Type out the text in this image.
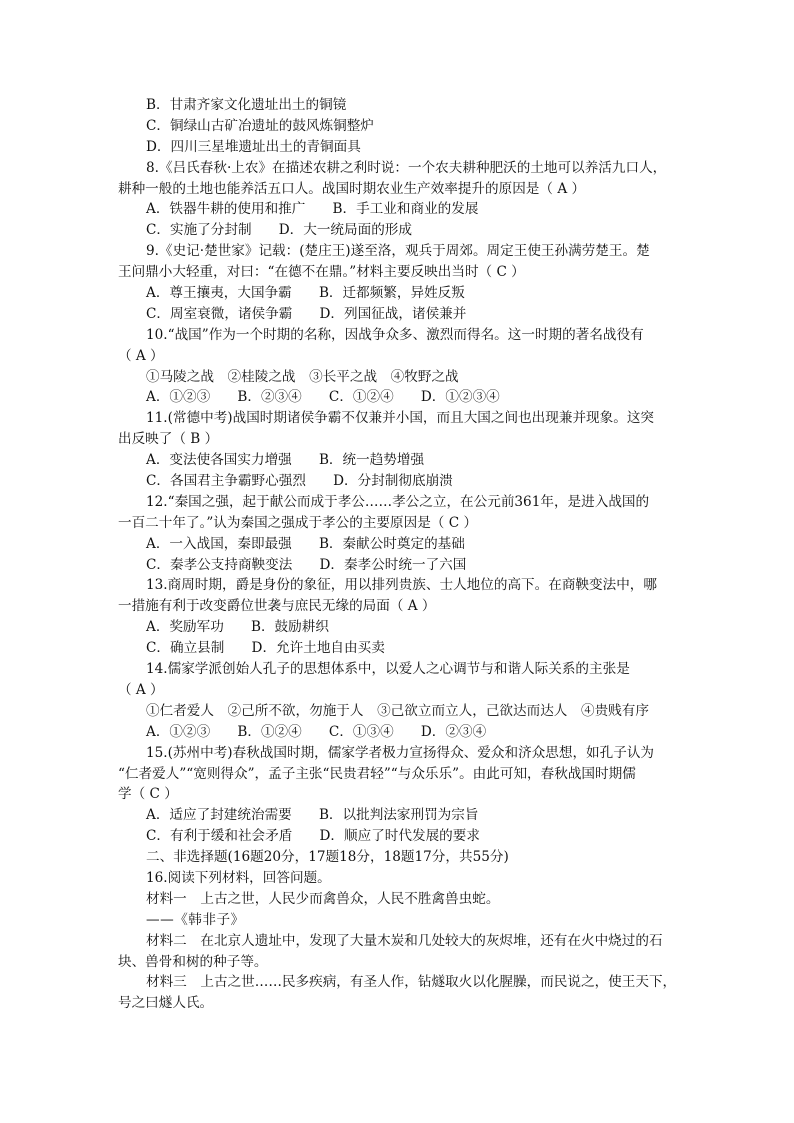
B．甘肃齐家文化遗址出土的铜镜
C．铜绿山古矿冶遗址的鼓风炼铜整炉
D．四川三星堆遗址出土的青铜面具
8.《吕氏春秋·上农》在描述农耕之利时说：一个农夫耕种肥沃的土地可以养活九口人，
耕种一般的土地也能养活五口人。战国时期农业生产效率提升的原因是（ A ）
A．铁器牛耕的使用和推广　　B．手工业和商业的发展
C．实施了分封制　　D．大一统局面的形成
9.《史记·楚世家》记载：(楚庄王)遂至洛，观兵于周郊。周定王使王孙满劳楚王。楚
王问鼎小大轻重，对曰：“在德不在鼎。”材料主要反映出当时（ C ）
A．尊王攘夷，大国争霸　　B．迁都频繁，异姓反叛
C．周室衰微，诸侯争霸　　D．列国征战，诸侯兼并
10.“战国”作为一个时期的名称，因战争众多、激烈而得名。这一时期的著名战役有
（ A ）
①马陵之战　②桂陵之战　③长平之战　④牧野之战
A．①②③　　B．②③④　　C．①②④　　D．①②③④
11.(常德中考)战国时期诸侯争霸不仅兼并小国，而且大国之间也出现兼并现象。这突
出反映了（ B ）
A．变法使各国实力增强　　B．统一趋势增强
C．各国君主争霸野心强烈　　D．分封制彻底崩溃
12.“秦国之强，起于献公而成于孝公……孝公之立，在公元前361年，是进入战国的
一百二十年了。”认为秦国之强成于孝公的主要原因是（ C ）
A．一入战国，秦即最强　　B．秦献公时奠定的基础
C．秦孝公支持商鞅变法　　D．秦孝公时统一了六国
13.商周时期，爵是身份的象征，用以排列贵族、士人地位的高下。在商鞅变法中，哪
一措施有利于改变爵位世袭与庶民无缘的局面（ A ）
A．奖励军功　　B．鼓励耕织
C．确立县制　　D．允许土地自由买卖
14.儒家学派创始人孔子的思想体系中，以爱人之心调节与和谐人际关系的主张是
（ A ）
①仁者爱人　②己所不欲，勿施于人　③己欲立而立人，己欲达而达人　④贵贱有序
A．①②③　　B．①②④　　C．①③④　　D．②③④
15.(苏州中考)春秋战国时期，儒家学者极力宣扬得众、爱众和济众思想，如孔子认为
“仁者爱人”“宽则得众”，孟子主张“民贵君轻”“与众乐乐”。由此可知，春秋战国时期儒
学（ C ）
A．适应了封建统治需要　　B．以批判法家刑罚为宗旨
C．有利于缓和社会矛盾　　D．顺应了时代发展的要求
二、非选择题(16题20分，17题18分，18题17分，共55分)
16.阅读下列材料，回答问题。
材料一　上古之世，人民少而禽兽众，人民不胜禽兽虫蛇。
——《韩非子》
材料二　在北京人遗址中，发现了大量木炭和几处较大的灰烬堆，还有在火中烧过的石
块、兽骨和树的种子等。
材料三　上古之世……民多疾病，有圣人作，钻燧取火以化腥臊，而民说之，使王天下，
号之曰燧人氏。
